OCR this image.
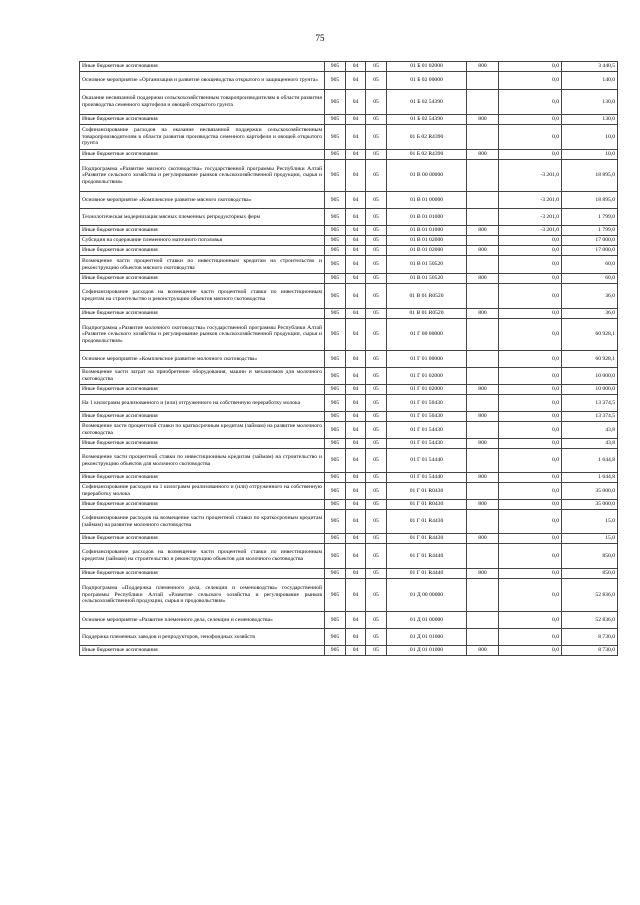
75
Иные бюджетные ассигнования	905	04	05	01 Б 01 02000	800	0,0	3 440,5
Основное мероприятие «Организация и развитие овощеводства открытого и защищенного грунта»	905	04	05	01 Б 02 00000		0,0	140,0
Оказание несвязанной поддержки сельскохозяйственным товаропроизводителям в области развития производства семенного картофеля и овощей открытого грунта	905	04	05	01 Б 02 54390		0,0	130,0
Иные бюджетные ассигнования	905	04	05	01 Б 02 54390	800	0,0	130,0
Софинансирование расходов на оказание несвязанной поддержки сельскохозяйственным товаропроизводителям в области развития производства семенного картофеля и овощей открытого грунта	905	04	05	01 Б 02 R4390		0,0	10,0
Иные бюджетные ассигнования	905	04	05	01 Б 02 R4390	800	0,0	10,0
Подпрограмма «Развитие мясного скотоводства» государственной программы Республики Алтай «Развитие сельского хозяйства и регулирование рынков сельскохозяйственной продукции, сырья и продовольствия»	905	04	05	01 В 00 00000		-3 201,0	18 895,0
Основное мероприятие «Комплексное развитие мясного скотоводства»	905	04	05	01 В 01 00000		-3 201,0	18 895,0
Технологическая модернизация мясных племенных репродукторных ферм	905	04	05	01 В 01 01000		-3 201,0	1 799,0
Иные бюджетные ассигнования	905	04	05	01 В 01 01000	800	-3 201,0	1 799,0
Субсидия на содержание племенного маточного поголовья	905	04	05	01 В 01 02000		0,0	17 000,0
Иные бюджетные ассигнования	905	04	05	01 В 01 02000	800	0,0	17 000,0
Возмещение части процентной ставки по инвестиционным кредитам на строительство и реконструкцию объектов мясного скотоводства	905	04	05	01 В 01 50520		0,0	60,0
Иные бюджетные ассигнования	905	04	05	01 В 01 50520	800	0,0	60,0
Софинансирование расходов на возмещение части процентной ставки по инвестиционным кредитам на строительство и реконструкцию объектов мясного скотоводства	905	04	05	01 В 01 R0520		0,0	36,0
Иные бюджетные ассигнования	905	04	05	01 В 01 R0520	800	0,0	36,0
Подпрограмма «Развитие молочного скотоводства» государственной программы Республики Алтай «Развитие сельского хозяйства и регулирование рынков сельскохозяйственной продукции, сырья и продовольствия»	905	04	05	01 Г 00 00000		0,0	60 928,1
Основное мероприятие «Комплексное развитие молочного скотоводства»	905	04	05	01 Г 01 00000		0,0	60 928,1
Возмещение части затрат на приобретение оборудования, машин и механизмов для молочного скотоводства	905	04	05	01 Г 01 02000		0,0	10 000,0
Иные бюджетные ассигнования	905	04	05	01 Г 01 02000	800	0,0	10 000,0
На 1 килограмм реализованного и (или) отгруженного на собственную переработку молока	905	04	05	01 Г 01 50430		0,0	13 374,5
Иные бюджетные ассигнования	905	04	05	01 Г 01 50430	800	0,0	13 374,5
Возмещение части процентной ставки по краткосрочным кредитам (займам) на развитие молочного скотоводства	905	04	05	01 Г 01 54430		0,0	43,8
Иные бюджетные ассигнования	905	04	05	01 Г 01 54430	800	0,0	43,8
Возмещение части процентной ставки по инвестиционным кредитам (займам) на строительство и реконструкцию объектов для молочного скотоводства	905	04	05	01 Г 01 54440		0,0	1 644,8
Иные бюджетные ассигнования	905	04	05	01 Г 01 54440	800	0,0	1 644,8
Софинансирование расходов на 1 килограмм реализованного и (или) отгруженного на собственную переработку молока	905	04	05	01 Г 01 R0430		0,0	35 000,0
Иные бюджетные ассигнования	905	04	05	01 Г 01 R0430	800	0,0	35 000,0
Софинансирование расходов на возмещение части процентной ставки по краткосрочным кредитам (займам) на развитие молочного скотоводства	905	04	05	01 Г 01 R4430		0,0	15,0
Иные бюджетные ассигнования	905	04	05	01 Г 01 R4430	800	0,0	15,0
Софинансирование расходов на возмещение части процентной ставки по инвестиционным кредитам (займам) на строительство и реконструкцию объектов для молочного скотоводства	905	04	05	01 Г 01 R4440		0,0	850,0
Иные бюджетные ассигнования	905	04	05	01 Г 01 R4440	800	0,0	850,0
Подпрограмма «Поддержка племенного дела, селекции и семеноводства» государственной программы Республики Алтай «Развитие сельского хозяйства и регулирование рынков сельскохозяйственной продукции, сырья и продовольствия»	905	04	05	01 Д 00 00000		0,0	52 836,0
Основное мероприятие «Развитие племенного дела, селекции и семеноводства»	905	04	05	01 Д 01 00000		0,0	52 836,0
Поддержка племенных заводов и репродукторов, генофондных хозяйств	905	04	05	01 Д 01 01000		0,0	8 730,0
Иные бюджетные ассигнования	905	04	05	01 Д 01 01000	800	0,0	8 730,0
